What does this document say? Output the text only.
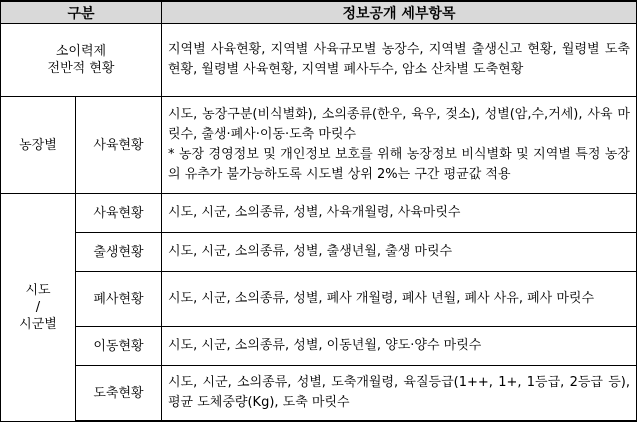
구분		정보공개 세부항목

소이력제
전반적 현황		지역별 사육현황, 지역별 사육규모별 농장수, 지역별 출생신고 현황, 월령별 도축현황, 월령별 사육현황, 지역별 폐사두수, 암소 산차별 도축현황
농장별	사육현황	시도, 농장구분(비식별화), 소의종류(한우, 육우, 젖소), 성별(암,수,거세), 사육 마릿수, 출생·폐사·이동·도축 마릿수
* 농장 경영정보 및 개인정보 보호를 위해 농장정보 비식별화 및 지역별 특정 농장의 유추가 불가능하도록 시도별 상위 2%는 구간 평균값 적용

시도
/
시군별	사육현황	시도, 시군, 소의종류, 성별, 사육개월령, 사육마릿수
	출생현황	시도, 시군, 소의종류, 성별, 출생년월, 출생 마릿수
	폐사현황	시도, 시군, 소의종류, 성별, 폐사 개월령, 폐사 년월, 폐사 사유, 폐사 마릿수
	이동현황	시도, 시군, 소의종류, 성별, 이동년월, 양도·양수 마릿수
	도축현황	시도, 시군, 소의종류, 성별, 도축개월령, 육질등급(1++, 1+, 1등급, 2등급 등), 평균 도체중량(Kg), 도축 마릿수
